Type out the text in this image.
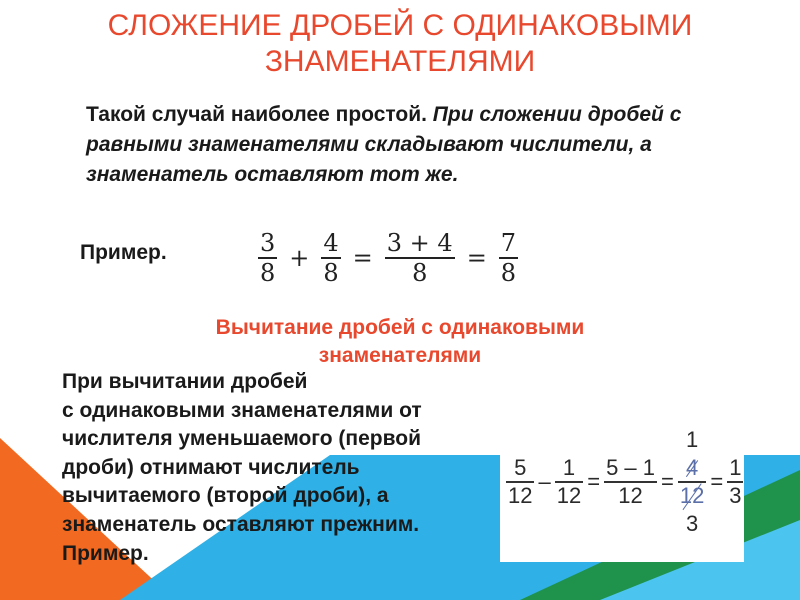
СЛОЖЕНИЕ ДРОБЕЙ С ОДИНАКОВЫМИ
ЗНАМЕНАТЕЛЯМИ
Такой случай наиболее простой. При сложении дробей с равными знаменателями складывают числители, а знаменатель оставляют тот же.
Пример.	$\frac{3}{8} + \frac{4}{8} = \frac{3 + 4}{8} = \frac{7}{8}$
Вычитание дробей с одинаковыми
знаменателями
При вычитании дробей
с одинаковыми знаменателями от
числителя уменьшаемого (первой
дроби) отнимают числитель
вычитаемого (второй дроби), а
знаменатель оставляют прежним.
Пример.
$\frac{5}{12} - \frac{1}{12} = \frac{5 - 1}{12}$ =
1
4
12
3
= $\frac{1}{3}$
